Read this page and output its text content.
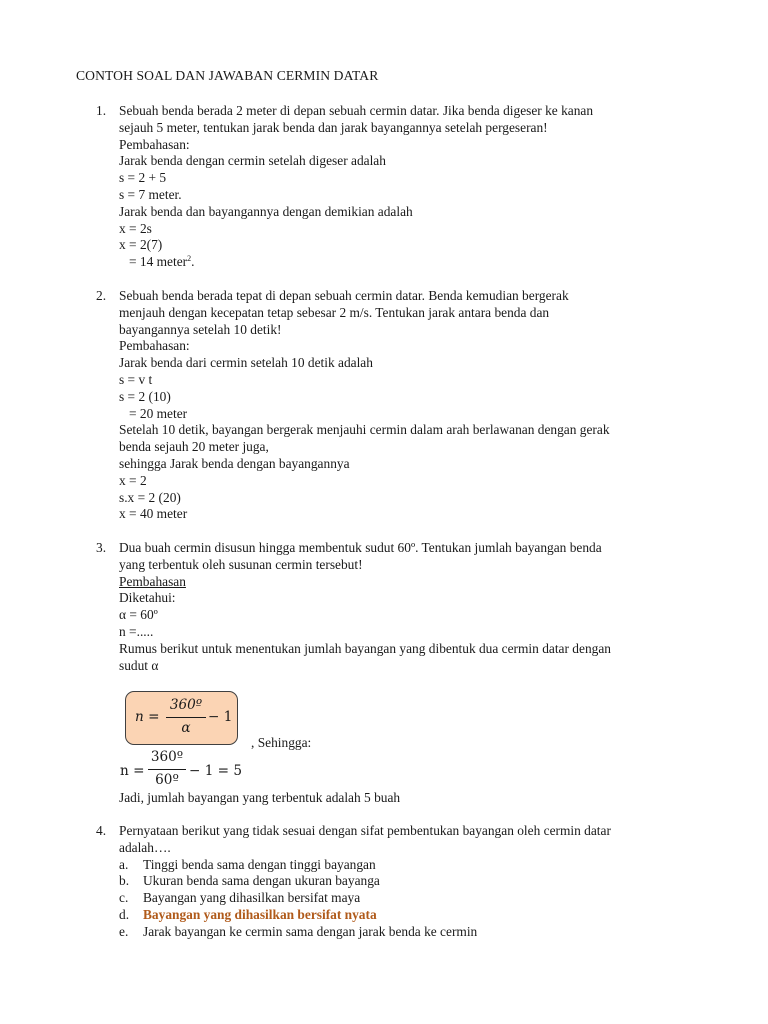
CONTOH SOAL DAN JAWABAN CERMIN DATAR
1. Sebuah benda berada 2 meter di depan sebuah cermin datar. Jika benda digeser ke kanan
sejauh 5 meter, tentukan jarak benda dan jarak bayangannya setelah pergeseran!
Pembahasan:
Jarak benda dengan cermin setelah digeser adalah
s = 2 + 5
s = 7 meter.
Jarak benda dan bayangannya dengan demikian adalah
x = 2s
x = 2(7)
= 14 meter$^2$.
2. Sebuah benda berada tepat di depan sebuah cermin datar. Benda kemudian bergerak
menjauh dengan kecepatan tetap sebesar 2 m/s. Tentukan jarak antara benda dan
bayangannya setelah 10 detik!
Pembahasan:
Jarak benda dari cermin setelah 10 detik adalah
s = v t
s = 2 (10)
= 20 meter
Setelah 10 detik, bayangan bergerak menjauhi cermin dalam arah berlawanan dengan gerak
benda sejauh 20 meter juga,
sehingga Jarak benda dengan bayangannya
x = 2
s.x = 2 (20)
x = 40 meter
3. Dua buah cermin disusun hingga membentuk sudut 60º. Tentukan jumlah bayangan benda
yang terbentuk oleh susunan cermin tersebut!
Pembahasan
Diketahui:
α = 60º
n =.....
Rumus berikut untuk menentukan jumlah bayangan yang dibentuk dua cermin datar dengan
sudut α
n =
360º
α
− 1
, Sehingga:
n =
360º
60º
− 1 = 5
Jadi, jumlah bayangan yang terbentuk adalah 5 buah
4. Pernyataan berikut yang tidak sesuai dengan sifat pembentukan bayangan oleh cermin datar
adalah….
a. Tinggi benda sama dengan tinggi bayangan
b. Ukuran benda sama dengan ukuran bayanga
c. Bayangan yang dihasilkan bersifat maya
d. Bayangan yang dihasilkan bersifat nyata
e. Jarak bayangan ke cermin sama dengan jarak benda ke cermin
